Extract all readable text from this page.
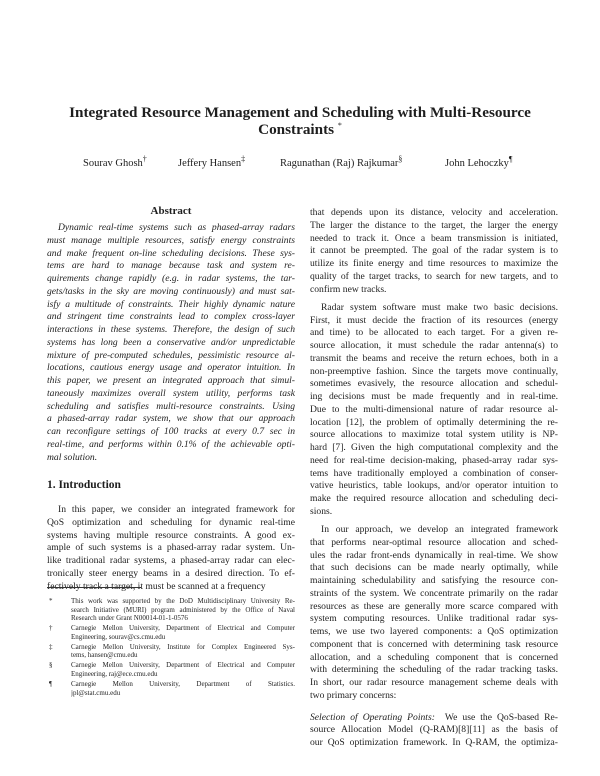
Integrated Resource Management and Scheduling with Multi-Resource
Constraints *
Sourav Ghosh†	Jeffery Hansen‡	Ragunathan (Raj) Rajkumar§	John Lehoczky¶
Abstract
Dynamic real-time systems such as phased-array radars
must manage multiple resources, satisfy energy constraints
and make frequent on-line scheduling decisions. These sys-
tems are hard to manage because task and system re-
quirements change rapidly (e.g. in radar systems, the tar-
gets/tasks in the sky are moving continuously) and must sat-
isfy a multitude of constraints. Their highly dynamic nature
and stringent time constraints lead to complex cross-layer
interactions in these systems. Therefore, the design of such
systems has long been a conservative and/or unpredictable
mixture of pre-computed schedules, pessimistic resource al-
locations, cautious energy usage and operator intuition. In
this paper, we present an integrated approach that simul-
taneously maximizes overall system utility, performs task
scheduling and satisfies multi-resource constraints. Using
a phased-array radar system, we show that our approach
can reconfigure settings of 100 tracks at every 0.7 sec in
real-time, and performs within 0.1% of the achievable opti-
mal solution.
1. Introduction
In this paper, we consider an integrated framework for
QoS optimization and scheduling for dynamic real-time
systems having multiple resource constraints. A good ex-
ample of such systems is a phased-array radar system. Un-
like traditional radar systems, a phased-array radar can elec-
tronically steer energy beams in a desired direction. To ef-
fectively track a target, it must be scanned at a frequency
that depends upon its distance, velocity and acceleration.
The larger the distance to the target, the larger the energy
needed to track it. Once a beam transmission is initiated,
it cannot be preempted. The goal of the radar system is to
utilize its finite energy and time resources to maximize the
quality of the target tracks, to search for new targets, and to
confirm new tracks.
Radar system software must make two basic decisions.
First, it must decide the fraction of its resources (energy
and time) to be allocated to each target. For a given re-
source allocation, it must schedule the radar antenna(s) to
transmit the beams and receive the return echoes, both in a
non-preemptive fashion. Since the targets move continually,
sometimes evasively, the resource allocation and schedul-
ing decisions must be made frequently and in real-time.
Due to the multi-dimensional nature of radar resource al-
location [12], the problem of optimally determining the re-
source allocations to maximize total system utility is NP-
hard [7]. Given the high computational complexity and the
need for real-time decision-making, phased-array radar sys-
tems have traditionally employed a combination of conser-
vative heuristics, table lookups, and/or operator intuition to
make the required resource allocation and scheduling deci-
sions.
In our approach, we develop an integrated framework
that performs near-optimal resource allocation and sched-
ules the radar front-ends dynamically in real-time. We show
that such decisions can be made nearly optimally, while
maintaining schedulability and satisfying the resource con-
straints of the system. We concentrate primarily on the radar
resources as these are generally more scarce compared with
system computing resources. Unlike traditional radar sys-
tems, we use two layered components: a QoS optimization
component that is concerned with determining task resource
allocation, and a scheduling component that is concerned
with determining the scheduling of the radar tracking tasks.
In short, our radar resource management scheme deals with
two primary concerns:
Selection of Operating Points: We use the QoS-based Re-
source Allocation Model (Q-RAM)[8][11] as the basis of
our QoS optimization framework. In Q-RAM, the optimiza-
*	This work was supported by the DoD Multidisciplinary University Re-
search Initiative (MURI) program administered by the Office of Naval
Research under Grant N00014-01-1-0576
†	Carnegie Mellon University, Department of Electrical and Computer
Engineering, sourav@cs.cmu.edu
‡	Carnegie Mellon University, Institute for Complex Engineered Sys-
tems, hansen@cmu.edu
§	Carnegie Mellon University, Department of Electrical and Computer
Engineering, raj@ece.cmu.edu
¶	Carnegie Mellon University, Department of Statistics.
jpl@stat.cmu.edu
